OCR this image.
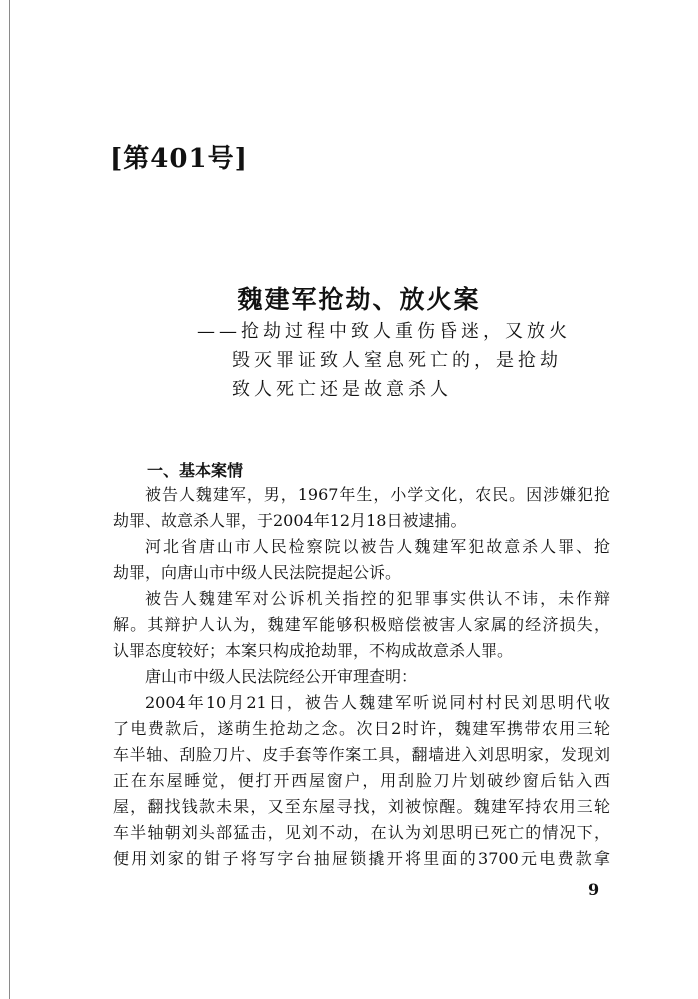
[第401号]
魏建军抢劫、放火案
——抢劫过程中致人重伤昏迷，又放火
毁灭罪证致人窒息死亡的，是抢劫
致人死亡还是故意杀人
一、基本案情
被告人魏建军，男，1967年生，小学文化，农民。因涉嫌犯抢
劫罪、故意杀人罪，于2004年12月18日被逮捕。
河北省唐山市人民检察院以被告人魏建军犯故意杀人罪、抢
劫罪，向唐山市中级人民法院提起公诉。
被告人魏建军对公诉机关指控的犯罪事实供认不讳，未作辩
解。其辩护人认为，魏建军能够积极赔偿被害人家属的经济损失，
认罪态度较好；本案只构成抢劫罪，不构成故意杀人罪。
唐山市中级人民法院经公开审理查明：
2004年10月21日，被告人魏建军听说同村村民刘思明代收
了电费款后，遂萌生抢劫之念。次日2时许，魏建军携带农用三轮
车半轴、刮脸刀片、皮手套等作案工具，翻墙进入刘思明家，发现刘
正在东屋睡觉，便打开西屋窗户，用刮脸刀片划破纱窗后钻入西
屋，翻找钱款未果，又至东屋寻找，刘被惊醒。魏建军持农用三轮
车半轴朝刘头部猛击，见刘不动，在认为刘思明已死亡的情况下，
便用刘家的钳子将写字台抽屉锁撬开将里面的3700元电费款拿
9
